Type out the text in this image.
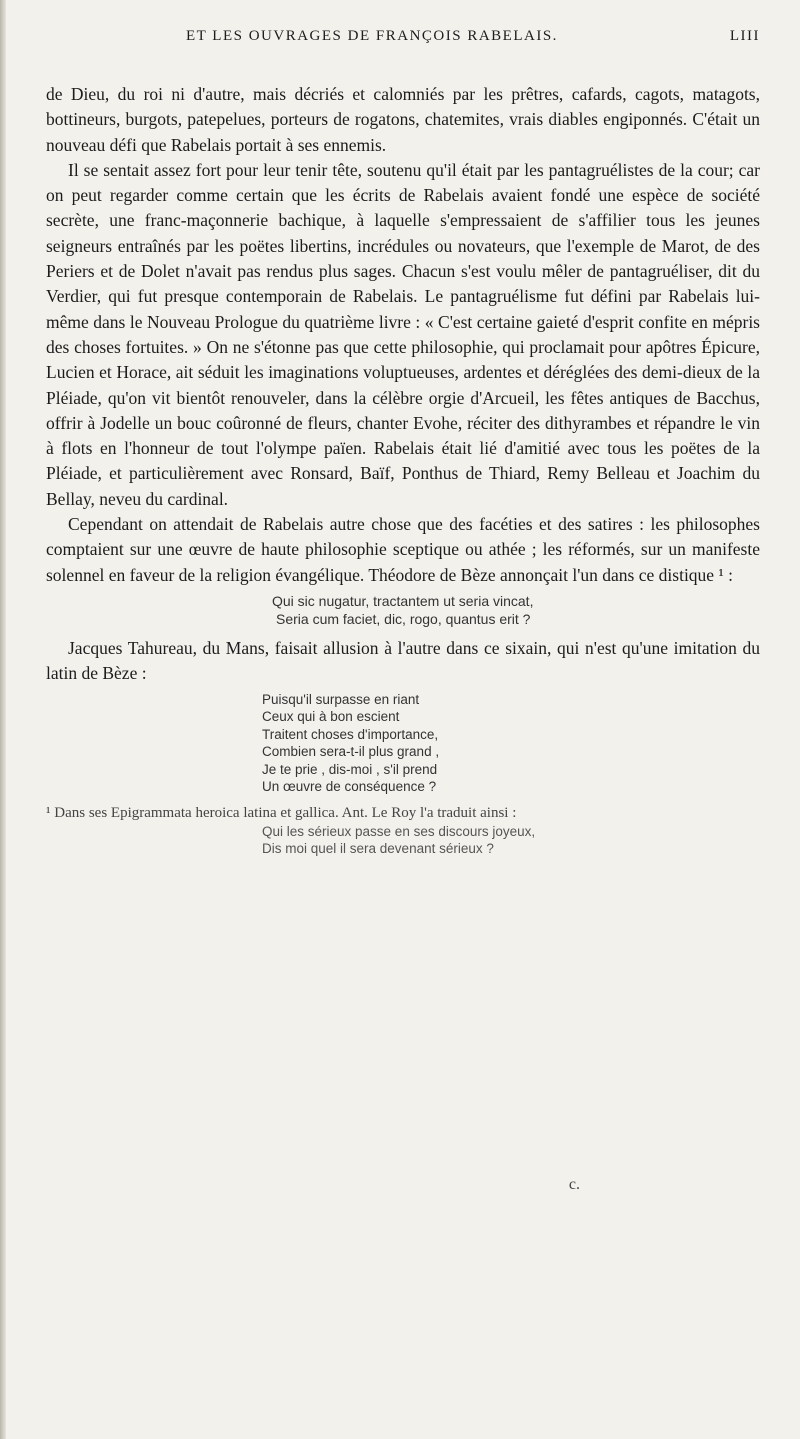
ET LES OUVRAGES DE FRANÇOIS RABELAIS.	LIII

de Dieu, du roi ni d'autre, mais décriés et calomniés par les prêtres, cafards, cagots, matagots, bottineurs, burgots, patepelues, porteurs de rogatons, chatemites, vrais diables engiponnés. C'était un nouveau défi que Rabelais portait à ses ennemis.

Il se sentait assez fort pour leur tenir tête, soutenu qu'il était par les pantagruélistes de la cour; car on peut regarder comme certain que les écrits de Rabelais avaient fondé une espèce de société secrète, une franc-maçonnerie bachique, à laquelle s'empressaient de s'affilier tous les jeunes seigneurs entraînés par les poëtes libertins, incrédules ou novateurs, que l'exemple de Marot, de des Periers et de Dolet n'avait pas rendus plus sages. Chacun s'est voulu mêler de pantagruéliser, dit du Verdier, qui fut presque contemporain de Rabelais. Le pantagruélisme fut défini par Rabelais lui-même dans le Nouveau Prologue du quatrième livre : « C'est certaine gaieté d'esprit confite en mépris des choses fortuites. » On ne s'étonne pas que cette philosophie, qui proclamait pour apôtres Épicure, Lucien et Horace, ait séduit les imaginations voluptueuses, ardentes et déréglées des demi-dieux de la Pléiade, qu'on vit bientôt renouveler, dans la célèbre orgie d'Arcueil, les fêtes antiques de Bacchus, offrir à Jodelle un bouc coûronné de fleurs, chanter Evohe, réciter des dithyrambes et répandre le vin à flots en l'honneur de tout l'olympe païen. Rabelais était lié d'amitié avec tous les poëtes de la Pléiade, et particulièrement avec Ronsard, Baïf, Ponthus de Thiard, Remy Belleau et Joachim du Bellay, neveu du cardinal.

Cependant on attendait de Rabelais autre chose que des facéties et des satires : les philosophes comptaient sur une œuvre de haute philosophie sceptique ou athée ; les réformés, sur un manifeste solennel en faveur de la religion évangélique. Théodore de Bèze annonçait l'un dans ce distique ¹ :

Qui sic nugatur, tractantem ut seria vincat,
Seria cum faciet, dic, rogo, quantus erit ?

Jacques Tahureau, du Mans, faisait allusion à l'autre dans ce sixain, qui n'est qu'une imitation du latin de Bèze :

Puisqu'il surpasse en riant
Ceux qui à bon escient
Traitent choses d'importance,
Combien sera-t-il plus grand ,
Je te prie , dis-moi , s'il prend
Un œuvre de conséquence ?
¹ Dans ses Epigrammata heroica latina et gallica. Ant. Le Roy l'a traduit ainsi :
Qui les sérieux passe en ses discours joyeux,
Dis moi quel il sera devenant sérieux ?
c.
